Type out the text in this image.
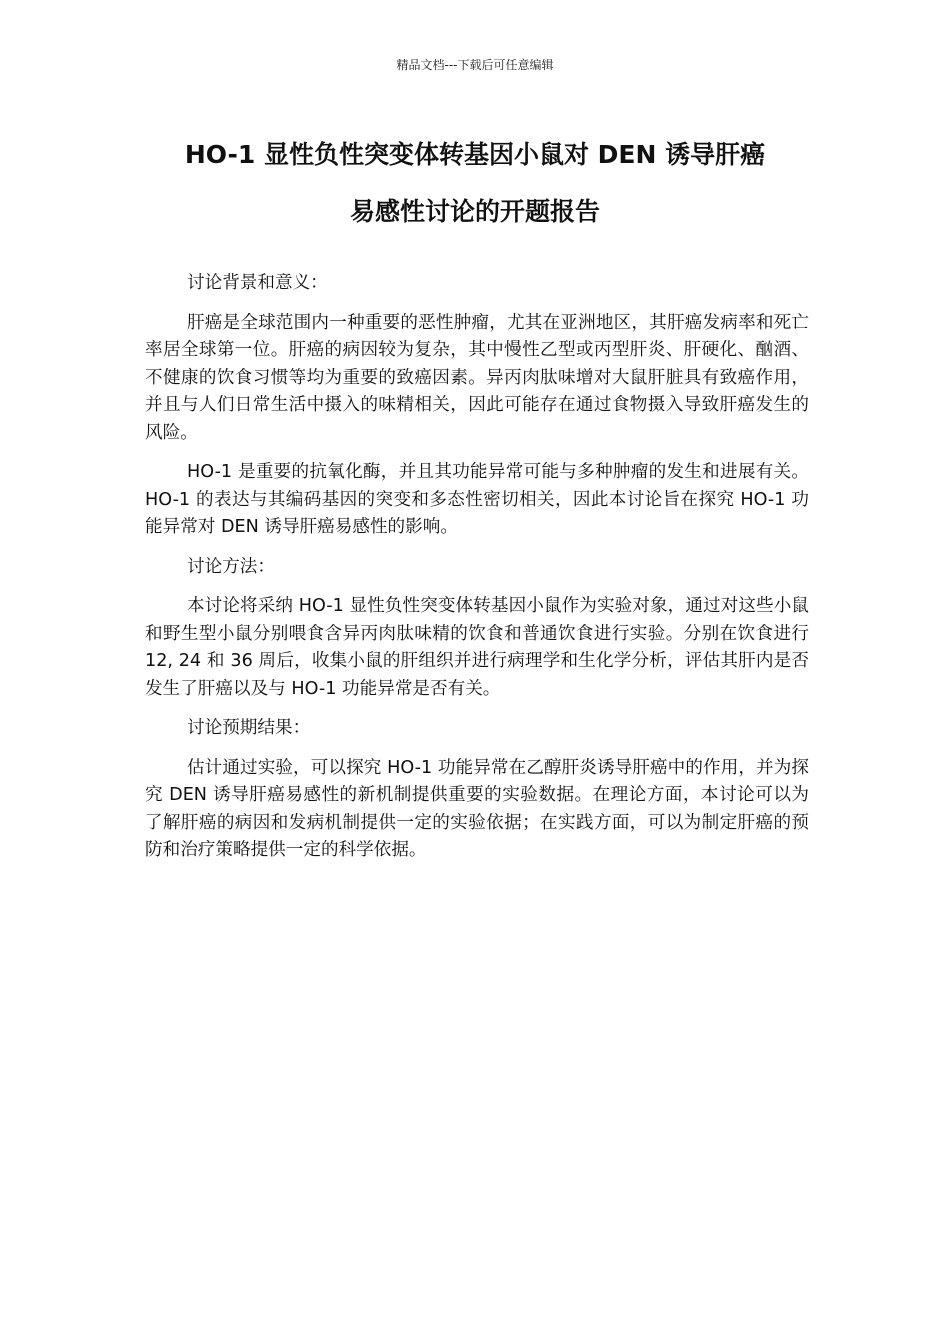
精品文档---下载后可任意编辑
HO-1 显性负性突变体转基因小鼠对 DEN 诱导肝癌
易感性讨论的开题报告

讨论背景和意义：

肝癌是全球范围内一种重要的恶性肿瘤，尤其在亚洲地区，其肝癌发病率和死亡率居全球第一位。肝癌的病因较为复杂，其中慢性乙型或丙型肝炎、肝硬化、酗酒、不健康的饮食习惯等均为重要的致癌因素。异丙肉肽味增对大鼠肝脏具有致癌作用，并且与人们日常生活中摄入的味精相关，因此可能存在通过食物摄入导致肝癌发生的风险。

HO-1 是重要的抗氧化酶，并且其功能异常可能与多种肿瘤的发生和进展有关。HO-1 的表达与其编码基因的突变和多态性密切相关，因此本讨论旨在探究 HO-1 功能异常对 DEN 诱导肝癌易感性的影响。

讨论方法：

本讨论将采纳 HO-1 显性负性突变体转基因小鼠作为实验对象，通过对这些小鼠和野生型小鼠分别喂食含异丙肉肽味精的饮食和普通饮食进行实验。分别在饮食进行 12, 24 和 36 周后，收集小鼠的肝组织并进行病理学和生化学分析，评估其肝内是否发生了肝癌以及与 HO-1 功能异常是否有关。

讨论预期结果：

估计通过实验，可以探究 HO-1 功能异常在乙醇肝炎诱导肝癌中的作用，并为探究 DEN 诱导肝癌易感性的新机制提供重要的实验数据。在理论方面，本讨论可以为了解肝癌的病因和发病机制提供一定的实验依据；在实践方面，可以为制定肝癌的预防和治疗策略提供一定的科学依据。
